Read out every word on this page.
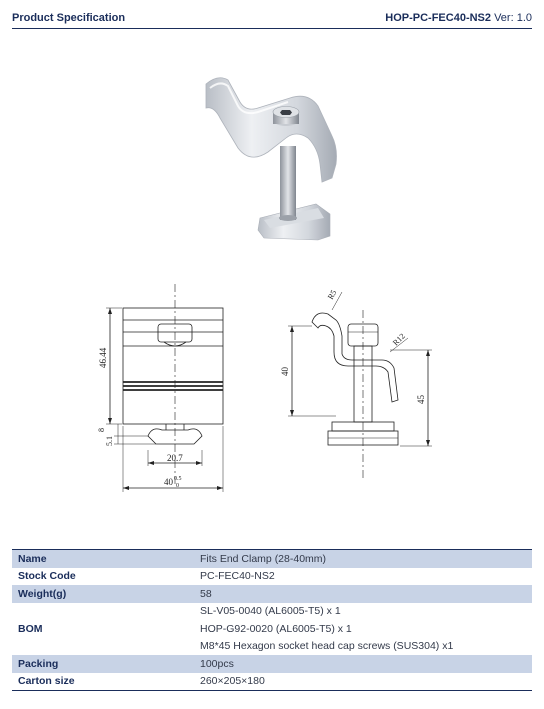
Product Specification	HOP-PC-FEC40-NS2 Ver: 1.0
46.44
8
5.1
20.7
40 0.5
0
R5
R12
40
45
Name	Fits End Clamp (28-40mm)
Stock Code	PC-FEC40-NS2
Weight(g)	58
BOM	SL-V05-0040 (AL6005-T5) x 1
	HOP-G92-0020 (AL6005-T5) x 1
	M8*45 Hexagon socket head cap screws (SUS304) x1
Packing	100pcs
Carton size	260×205×180
